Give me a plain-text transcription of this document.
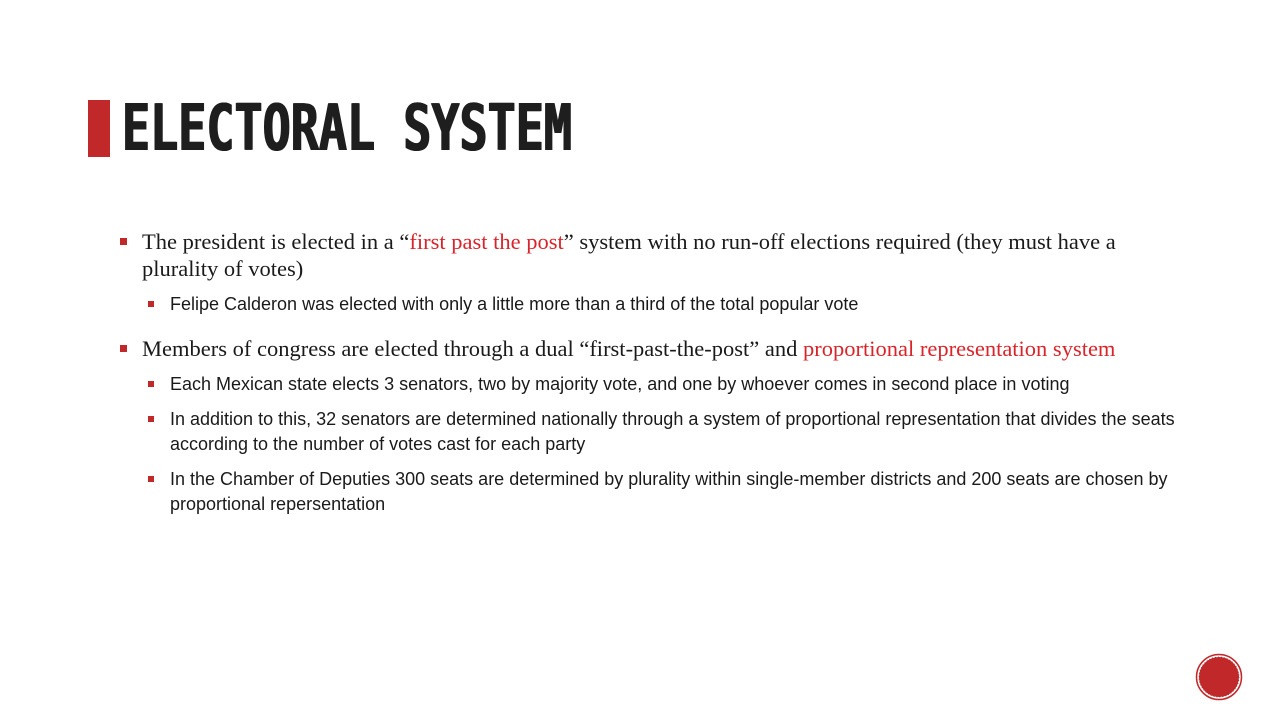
ELECTORAL SYSTEM
The president is elected in a “first past the post” system with no run-off elections required (they must have a plurality of votes)
Felipe Calderon was elected with only a little more than a third of the total popular vote
Members of congress are elected through a dual “first-past-the-post” and proportional representation system
Each Mexican state elects 3 senators, two by majority vote, and one by whoever comes in second place in voting
In addition to this, 32 senators are determined nationally through a system of proportional representation that divides the seats according to the number of votes cast for each party
In the Chamber of Deputies 300 seats are determined by plurality within single-member districts and 200 seats are chosen by proportional repersentation
